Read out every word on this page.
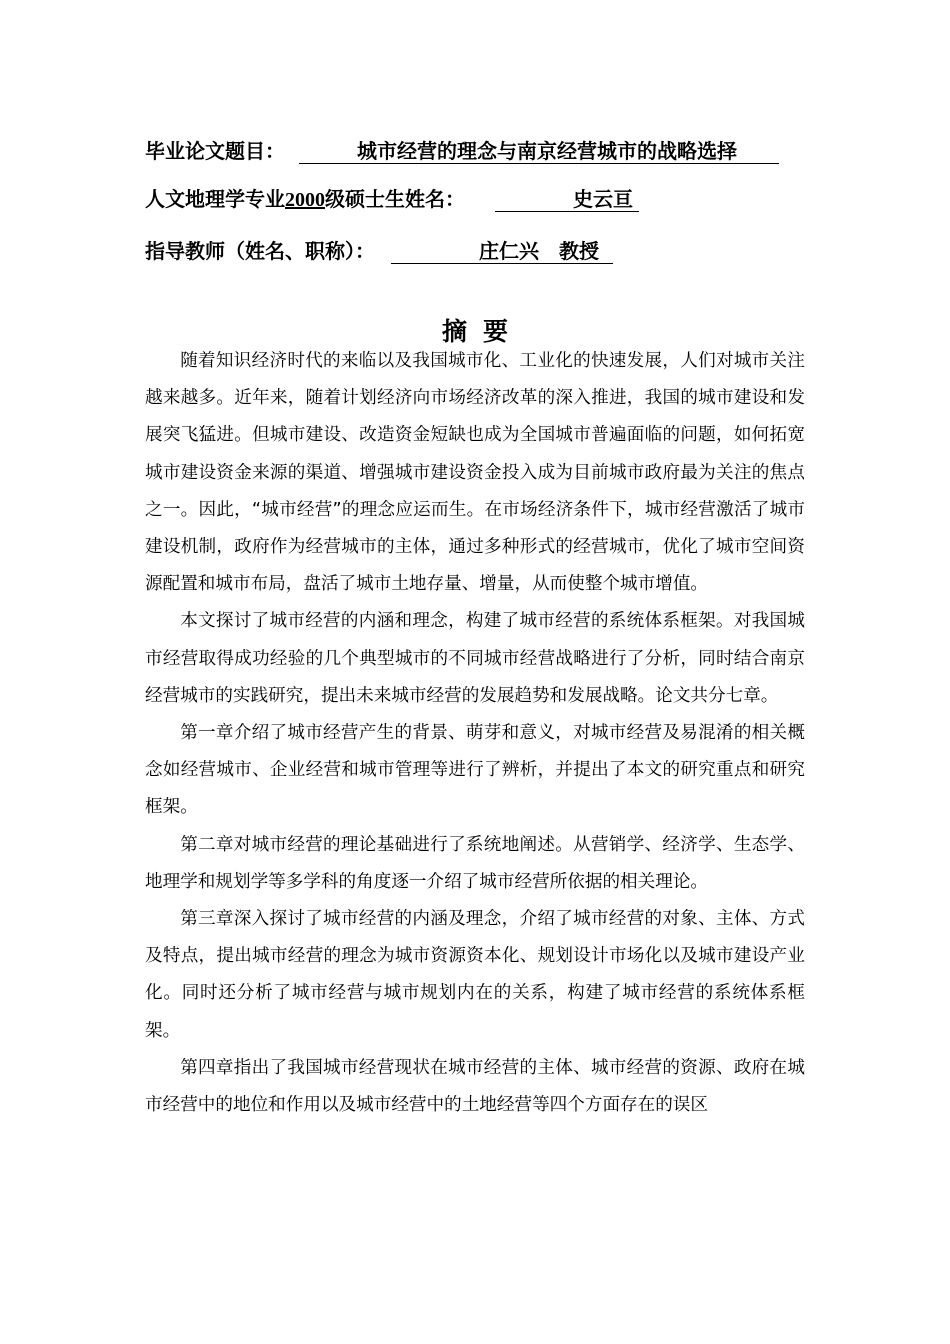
毕业论文题目：	城市经营的理念与南京经营城市的战略选择
人文地理学专业2000级硕士生姓名：	史云亘
指导教师（姓名、职称）：	庄仁兴　教授
摘要

随着知识经济时代的来临以及我国城市化、工业化的快速发展，人们对城市关注越来越多。近年来，随着计划经济向市场经济改革的深入推进，我国的城市建设和发展突飞猛进。但城市建设、改造资金短缺也成为全国城市普遍面临的问题，如何拓宽城市建设资金来源的渠道、增强城市建设资金投入成为目前城市政府最为关注的焦点之一。因此，“城市经营”的理念应运而生。在市场经济条件下，城市经营激活了城市建设机制，政府作为经营城市的主体，通过多种形式的经营城市，优化了城市空间资源配置和城市布局，盘活了城市土地存量、增量，从而使整个城市增值。

本文探讨了城市经营的内涵和理念，构建了城市经营的系统体系框架。对我国城市经营取得成功经验的几个典型城市的不同城市经营战略进行了分析，同时结合南京经营城市的实践研究，提出未来城市经营的发展趋势和发展战略。论文共分七章。

第一章介绍了城市经营产生的背景、萌芽和意义，对城市经营及易混淆的相关概念如经营城市、企业经营和城市管理等进行了辨析，并提出了本文的研究重点和研究框架。

第二章对城市经营的理论基础进行了系统地阐述。从营销学、经济学、生态学、地理学和规划学等多学科的角度逐一介绍了城市经营所依据的相关理论。

第三章深入探讨了城市经营的内涵及理念，介绍了城市经营的对象、主体、方式及特点，提出城市经营的理念为城市资源资本化、规划设计市场化以及城市建设产业化。同时还分析了城市经营与城市规划内在的关系，构建了城市经营的系统体系框架。

第四章指出了我国城市经营现状在城市经营的主体、城市经营的资源、政府在城市经营中的地位和作用以及城市经营中的土地经营等四个方面存在的误区
